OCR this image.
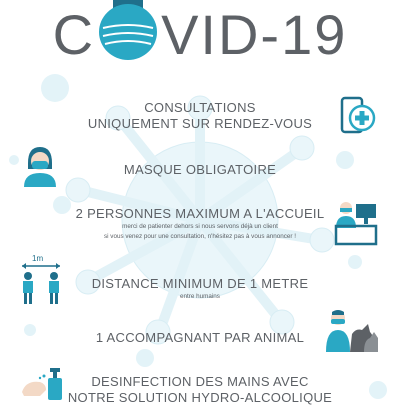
C VID-19
CONSULTATIONS
UNIQUEMENT SUR RENDEZ-VOUS
MASQUE OBLIGATOIRE
2 PERSONNES MAXIMUM A L'ACCUEIL
merci de patienter dehors si nous servons déjà un client
si vous venez pour une consultation, n'hésitez pas à vous annoncer !
DISTANCE MINIMUM DE 1 METRE
entre humains
1m
1 ACCOMPAGNANT PAR ANIMAL
DESINFECTION DES MAINS AVEC
NOTRE SOLUTION HYDRO-ALCOOLIQUE
